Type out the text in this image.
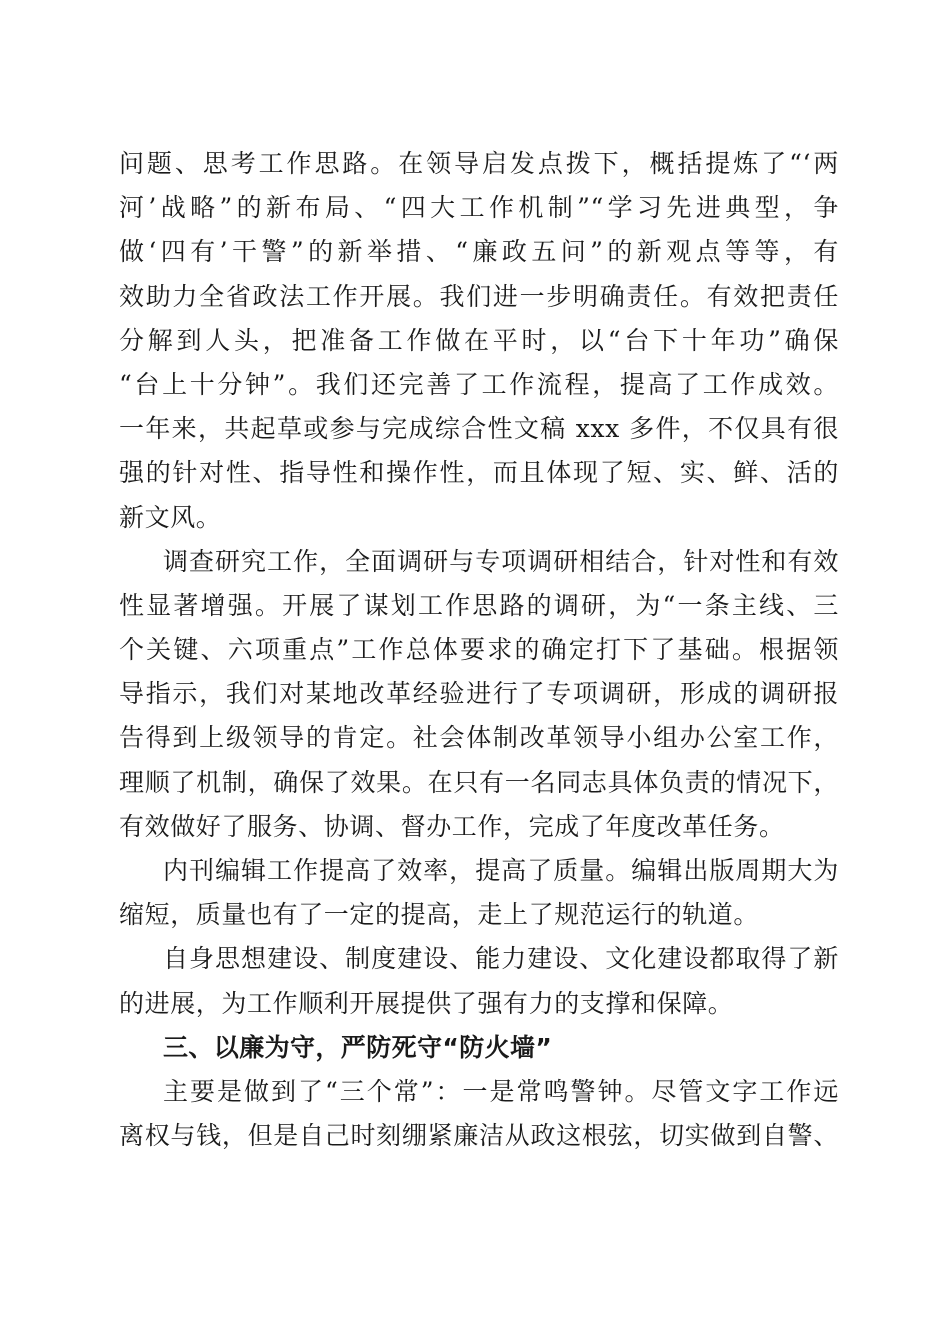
问题、思考工作思路。在领导启发点拨下，概括提炼了“‘两
河’战略”的新布局、“四大工作机制”“学习先进典型，争
做‘四有’干警”的新举措、“廉政五问”的新观点等等，有
效助力全省政法工作开展。我们进一步明确责任。有效把责任
分解到人头，把准备工作做在平时，以“台下十年功”确保
“台上十分钟”。我们还完善了工作流程，提高了工作成效。
一年来，共起草或参与完成综合性文稿 xxx 多件，不仅具有很
强的针对性、指导性和操作性，而且体现了短、实、鲜、活的
新文风。
调查研究工作，全面调研与专项调研相结合，针对性和有效
性显著增强。开展了谋划工作思路的调研，为“一条主线、三
个关键、六项重点”工作总体要求的确定打下了基础。根据领
导指示，我们对某地改革经验进行了专项调研，形成的调研报
告得到上级领导的肯定。社会体制改革领导小组办公室工作，
理顺了机制，确保了效果。在只有一名同志具体负责的情况下，
有效做好了服务、协调、督办工作，完成了年度改革任务。
内刊编辑工作提高了效率，提高了质量。编辑出版周期大为
缩短，质量也有了一定的提高，走上了规范运行的轨道。
自身思想建设、制度建设、能力建设、文化建设都取得了新
的进展，为工作顺利开展提供了强有力的支撑和保障。
三、以廉为守，严防死守“防火墙”
主要是做到了“三个常”：一是常鸣警钟。尽管文字工作远
离权与钱，但是自己时刻绷紧廉洁从政这根弦，切实做到自警、
